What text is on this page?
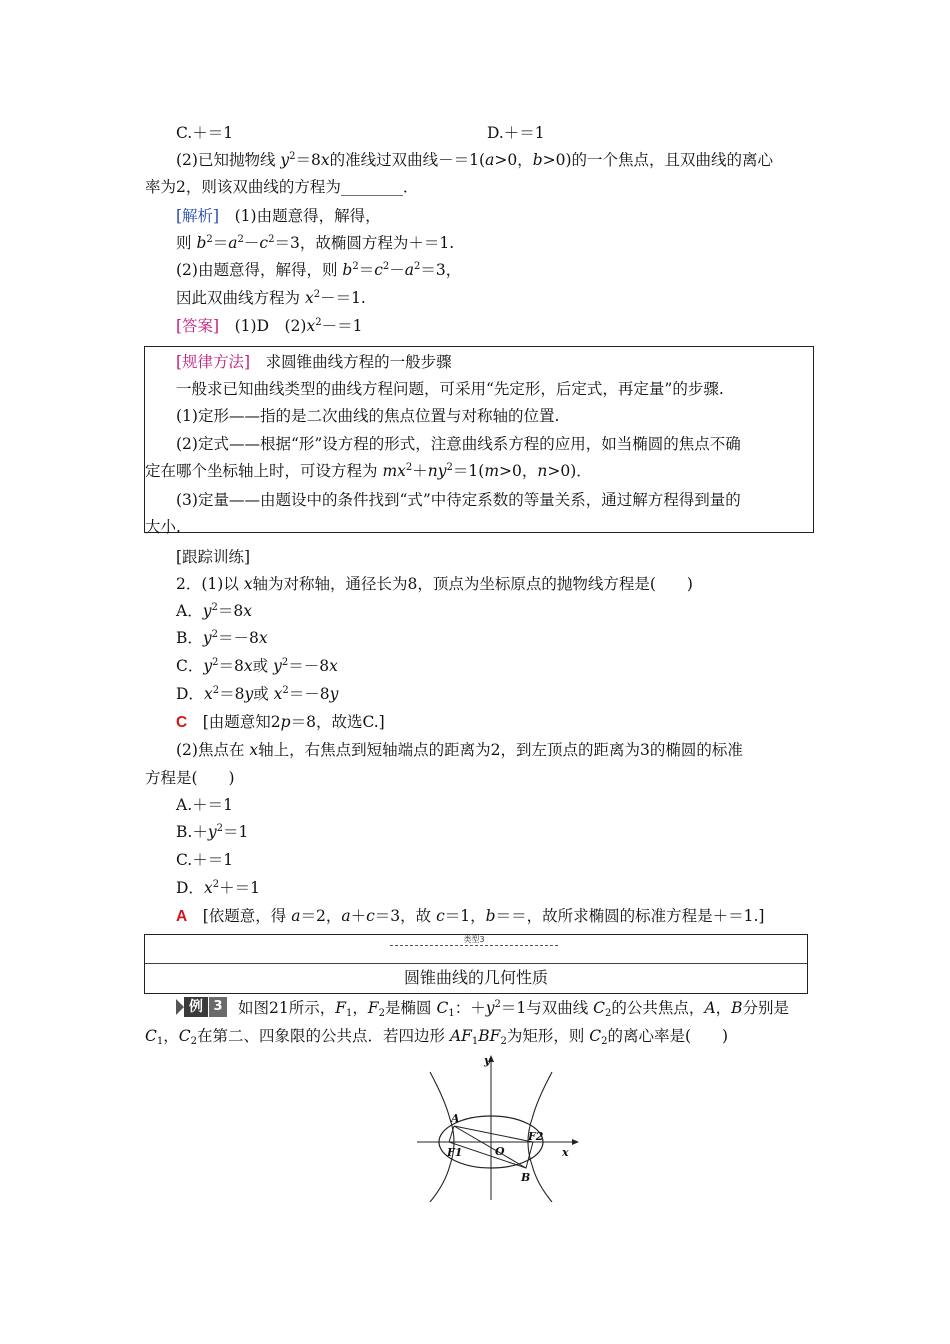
C.＋＝1	D.＋＝1
(2)已知抛物线 $y^2=8x$的准线过双曲线－＝1(a>0，b>0)的一个焦点，且双曲线的离心
率为2，则该双曲线的方程为________．
[解析]　 (1)由题意得，解得，
则 $b^2=a^2-c^2=3$，故椭圆方程为＋＝1.
(2)由题意得，解得，则 $b^2=c^2-a^2=3$，
因此双曲线方程为 $x^2-=1$.
[答案]　 (1)D　$(2)x^2-=1$
[规律方法]　 求圆锥曲线方程的一般步骤
一般求已知曲线类型的曲线方程问题，可采用“先定形，后定式，再定量”的步骤.
(1)定形——指的是二次曲线的焦点位置与对称轴的位置.
(2)定式——根据“形”设方程的形式，注意曲线系方程的应用，如当椭圆的焦点不确
定在哪个坐标轴上时，可设方程为 $mx^2+ny^2=1(m>0$，n>0)．
(3)定量——由题设中的条件找到“式”中待定系数的等量关系，通过解方程得到量的
大小.
[跟踪训练]
2．(1)以 x轴为对称轴，通径长为8，顶点为坐标原点的抛物线方程是(　　)
A．$y^2=8x$
B．$y^2=-8x$
C．$y^2=8x$或 $y^2=-8x$
D．$x^2=8y$或 $x^2=-8y$
C　 [由题意知2p＝8，故选C.]
(2)焦点在 x轴上，右焦点到短轴端点的距离为2，到左顶点的距离为3的椭圆的标准
方程是(　　)
A.＋＝1
$B.+y^2=1$
C.＋＝1
D．$x^2+=1$
A　 [依题意，得 a＝2，a＋c＝3，故 c＝1，b＝＝，故所求椭圆的标准方程是＋＝1.]
类型3
圆锥曲线的几何性质
例 3 如图21所示，$F_1$，$F_2$是椭圆 $C_1$：$+y^2=1$与双曲线 $C_2$的公共焦点，A，B分别是
$C_1$，$C_2$在第二、四象限的公共点．若四边形 $AF_1BF_2$为矩形，则 $C_2$的离心率是(　　)
y
x
O
A
B
F1
F2
